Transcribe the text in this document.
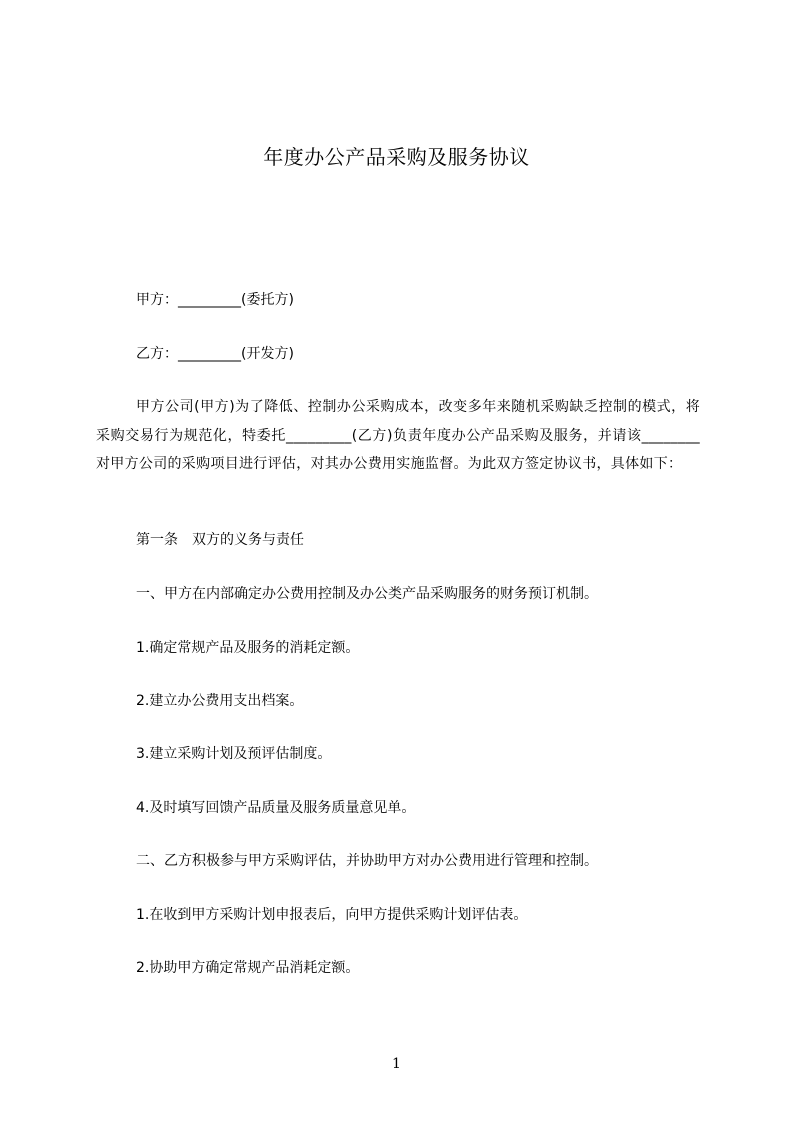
年度办公产品采购及服务协议
甲方：_________(委托方)
乙方：_________(开发方)
甲方公司(甲方)为了降低、控制办公采购成本，改变多年来随机采购缺乏控制的模式，将采购交易行为规范化，特委托_________(乙方)负责年度办公产品采购及服务，并请该________对甲方公司的采购项目进行评估，对其办公费用实施监督。为此双方签定协议书，具体如下：
第一条　双方的义务与责任
一、甲方在内部确定办公费用控制及办公类产品采购服务的财务预订机制。
1.确定常规产品及服务的消耗定额。
2.建立办公费用支出档案。
3.建立采购计划及预评估制度。
4.及时填写回馈产品质量及服务质量意见单。
二、乙方积极参与甲方采购评估，并协助甲方对办公费用进行管理和控制。
1.在收到甲方采购计划申报表后，向甲方提供采购计划评估表。
2.协助甲方确定常规产品消耗定额。
1
